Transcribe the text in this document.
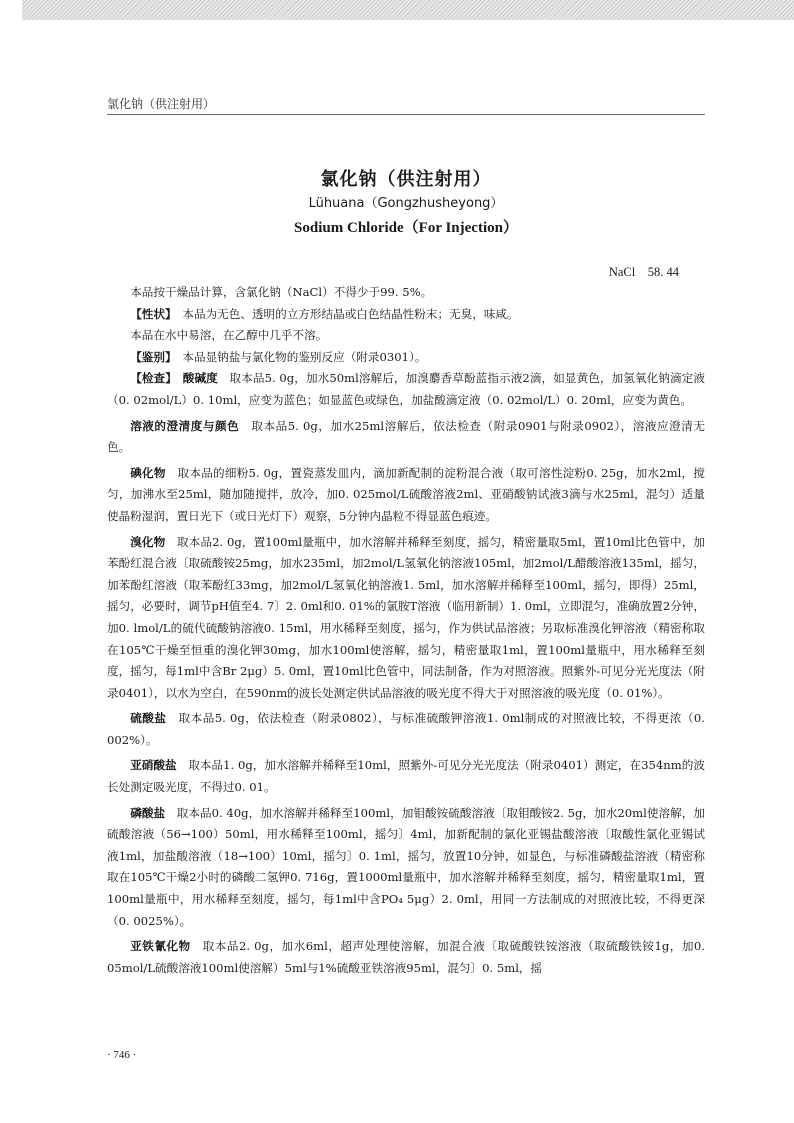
氯化钠（供注射用）
氯化钠（供注射用）
Lühuana（Gongzhusheyong）
Sodium Chloride（For Injection）
NaCl　58. 44

本品按干燥品计算，含氯化钠（NaCl）不得少于99. 5%。

【性状】　 本品为无色、透明的立方形结晶或白色结晶性粉末；无臭，味咸。

本品在水中易溶，在乙醇中几乎不溶。

【鉴别】　 本品显钠盐与氯化物的鉴别反应（附录0301）。

【检查】　 酸碱度　 取本品5. 0g，加水50ml溶解后，加溴麝香草酚蓝指示液2滴，如显黄色，加氢氧化钠滴定液（0. 02mol/L）0. 10ml，应变为蓝色；如显蓝色或绿色，加盐酸滴定液（0. 02mol/L）0. 20ml，应变为黄色。

溶液的澄清度与颜色　 取本品5. 0g，加水25ml溶解后，依法检查（附录0901与附录0902），溶液应澄清无色。

碘化物　 取本品的细粉5. 0g，置瓷蒸发皿内，滴加新配制的淀粉混合液（取可溶性淀粉0. 25g，加水2ml，搅匀，加沸水至25ml，随加随搅拌，放冷，加0. 025mol/L硫酸溶液2ml、亚硝酸钠试液3滴与水25ml，混匀）适量使晶粉湿润，置日光下（或日光灯下）观察，5分钟内晶粒不得显蓝色痕迹。

溴化物　 取本品2. 0g，置100ml量瓶中，加水溶解并稀释至刻度，摇匀，精密量取5ml，置10ml比色管中，加苯酚红混合液〔取硫酸铵25mg，加水235ml，加2mol/L氢氧化钠溶液105ml，加2mol/L醋酸溶液135ml，摇匀，加苯酚红溶液（取苯酚红33mg，加2mol/L氢氧化钠溶液1. 5ml，加水溶解并稀释至100ml，摇匀，即得）25ml，摇匀，必要时，调节pH值至4. 7〕2. 0ml和0. 01%的氯胺T溶液（临用新制）1. 0ml，立即混匀，准确放置2分钟，加0. lmol/L的硫代硫酸钠溶液0. 15ml，用水稀释至刻度，摇匀，作为供试品溶液；另取标准溴化钾溶液（精密称取在105℃干燥至恒重的溴化钾30mg，加水100ml使溶解，摇匀，精密量取1ml，置100ml量瓶中，用水稀释至刻度，摇匀，每1ml中含Br 2μg）5. 0ml，置10ml比色管中，同法制备，作为对照溶液。照紫外-可见分光光度法（附录0401），以水为空白，在590nm的波长处测定供试品溶液的吸光度不得大于对照溶液的吸光度（0. 01%）。

硫酸盐　 取本品5. 0g，依法检查（附录0802），与标准硫酸钾溶液1. 0ml制成的对照液比较，不得更浓（0. 002%）。

亚硝酸盐　 取本品1. 0g，加水溶解并稀释至10ml，照紫外-可见分光光度法（附录0401）测定，在354nm的波长处测定吸光度，不得过0. 01。

磷酸盐　 取本品0. 40g，加水溶解并稀释至100ml，加钼酸铵硫酸溶液〔取钼酸铵2. 5g，加水20ml使溶解，加硫酸溶液（56→100）50ml，用水稀释至100ml，摇匀〕4ml，加新配制的氯化亚锡盐酸溶液〔取酸性氯化亚锡试液1ml，加盐酸溶液（18→100）10ml，摇匀〕0. 1ml，摇匀，放置10分钟，如显色，与标准磷酸盐溶液（精密称取在105℃干燥2小时的磷酸二氢钾0. 716g，置1000ml量瓶中，加水溶解并稀释至刻度，摇匀，精密量取1ml，置100ml量瓶中，用水稀释至刻度，摇匀，每1ml中含PO₄ 5μg）2. 0ml，用同一方法制成的对照液比较，不得更深（0. 0025%）。

亚铁氰化物　 取本品2. 0g，加水6ml，超声处理使溶解，加混合液〔取硫酸铁铵溶液（取硫酸铁铵1g，加0. 05mol/L硫酸溶液100ml使溶解）5ml与1%硫酸亚铁溶液95ml，混匀〕0. 5ml，摇

· 746 ·
